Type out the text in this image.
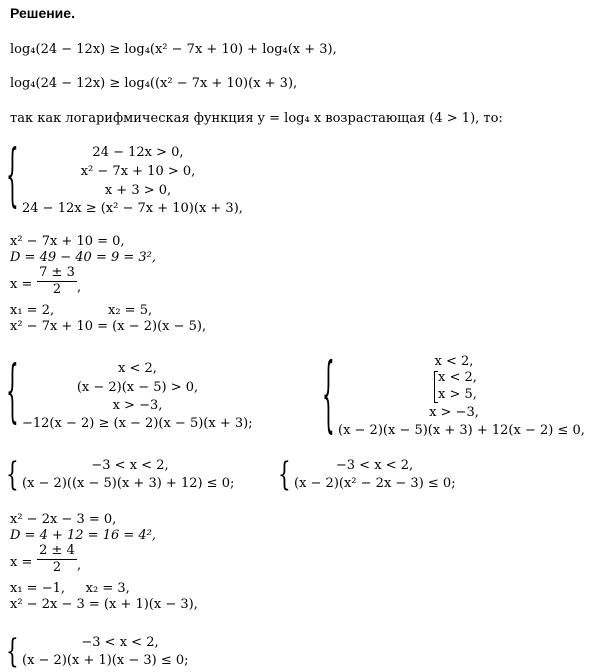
Решение.
log₄(24 − 12x) ≥ log₄(x² − 7x + 10) + log₄(x + 3),
log₄(24 − 12x) ≥ log₄((x² − 7x + 10)(x + 3),
так как логарифмическая функция y = log₄ x возрастающая (4 > 1), то:
{	24 − 12x > 0,
x² − 7x + 10 > 0,
x + 3 > 0,
24 − 12x ≥ (x² − 7x + 10)(x + 3),
x² − 7x + 10 = 0,
D = 49 − 40 = 9 = 3²,
x =
7 ± 3
2	,
x₁ = 2,	x₂ = 5,
x² − 7x + 10 = (x − 2)(x − 5),
{	x < 2,
(x − 2)(x − 5) > 0,
x > −3,
−12(x − 2) ≥ (x − 2)(x − 5)(x + 3);	{	x < 2,
x < 2,
x > 5,
x > −3,
(x − 2)(x − 5)(x + 3) + 12(x − 2) ≤ 0,
{	−3 < x < 2,
(x − 2)((x − 5)(x + 3) + 12) ≤ 0; {	−3 < x < 2,
(x − 2)(x² − 2x − 3) ≤ 0;
x² − 2x − 3 = 0,
D = 4 + 12 = 16 = 4²,
x =
2 ± 4
2	,
x₁ = −1,     x₂ = 3,
x² − 2x − 3 = (x + 1)(x − 3),
{	−3 < x < 2,
(x − 2)(x + 1)(x − 3) ≤ 0;
